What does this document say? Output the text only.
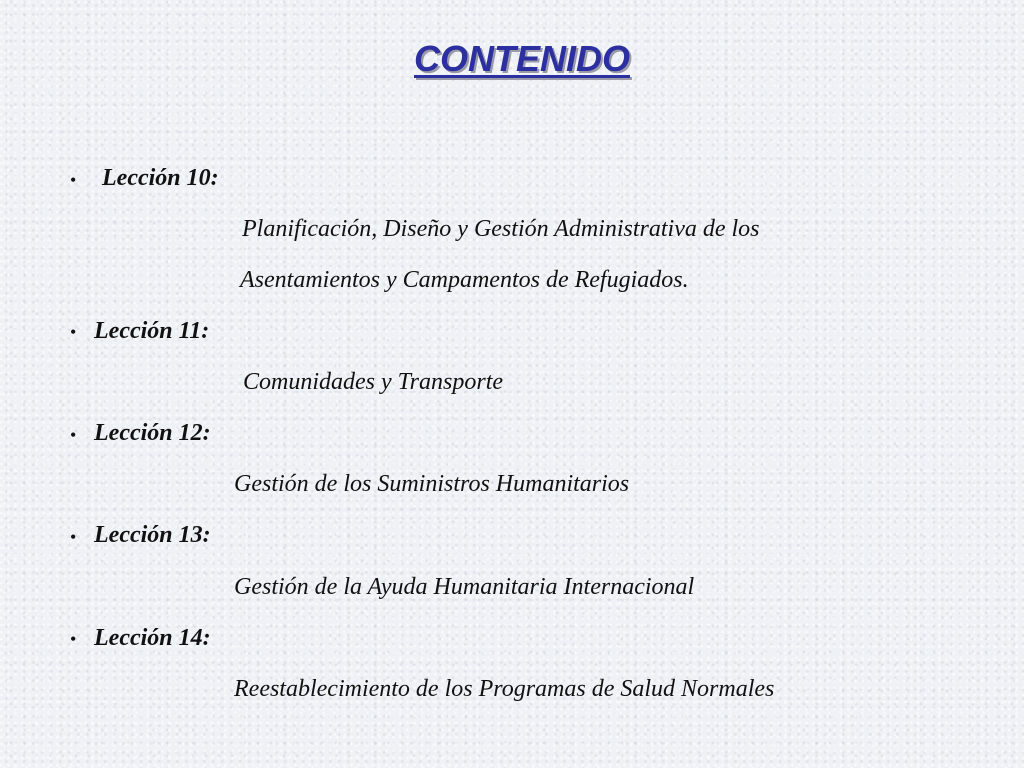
CONTENIDO
• Lección 10:
Planificación, Diseño y Gestión Administrativa de los
Asentamientos y Campamentos de Refugiados.
• Lección 11:
Comunidades y Transporte
• Lección 12:
Gestión de los Suministros Humanitarios
• Lección 13:
Gestión de la Ayuda Humanitaria Internacional
• Lección 14:
Reestablecimiento de los Programas de Salud Normales
